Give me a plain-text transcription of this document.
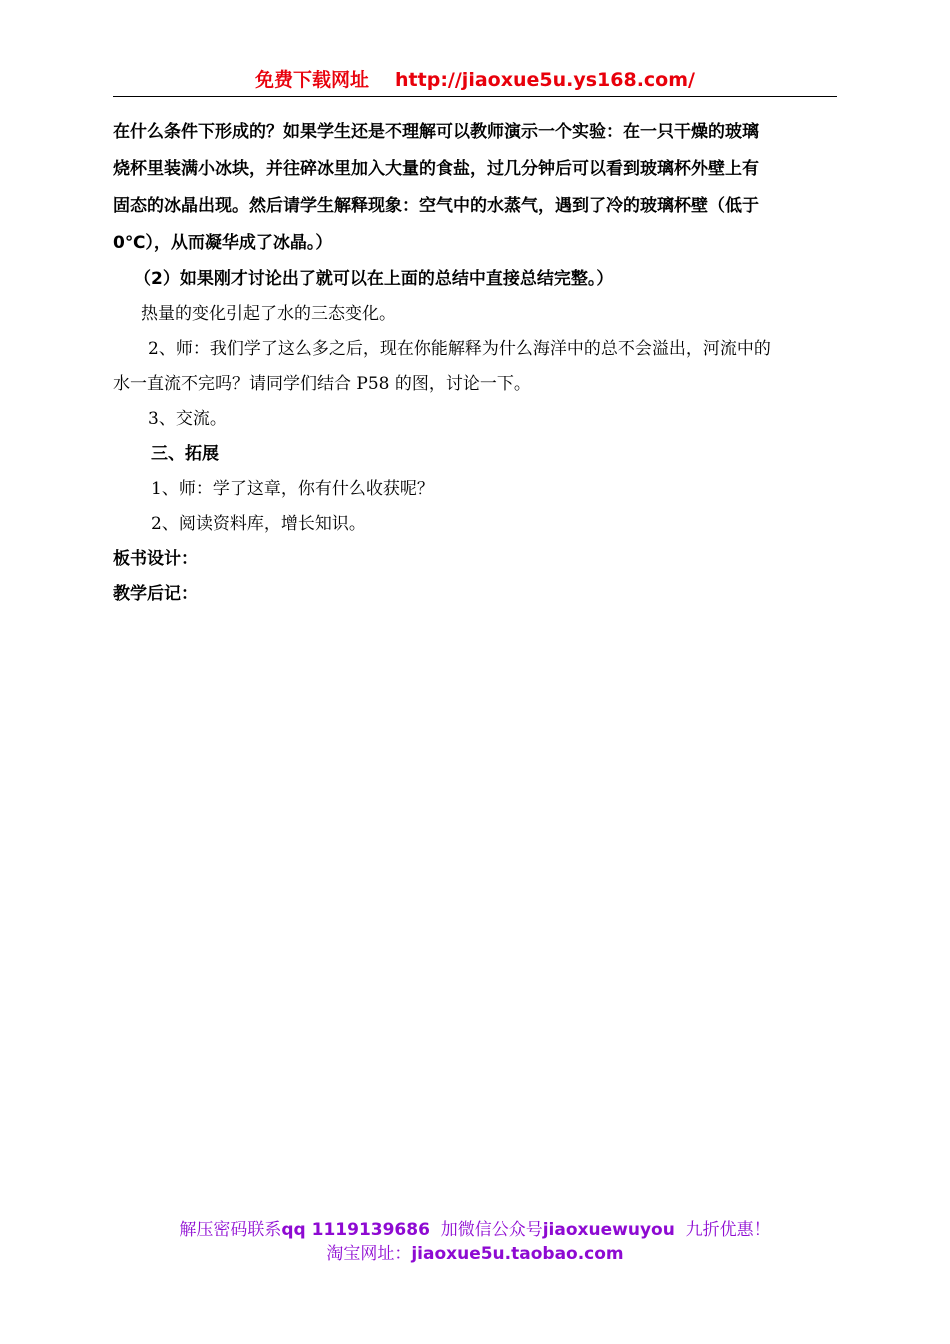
免费下载网址 http://jiaoxue5u.ys168.com/
在什么条件下形成的？如果学生还是不理解可以教师演示一个实验：在一只干燥的玻璃
烧杯里装满小冰块，并往碎冰里加入大量的食盐，过几分钟后可以看到玻璃杯外壁上有
固态的冰晶出现。然后请学生解释现象：空气中的水蒸气，遇到了冷的玻璃杯壁（低于
0℃），从而凝华成了冰晶。）
（2）如果刚才讨论出了就可以在上面的总结中直接总结完整。）
热量的变化引起了水的三态变化。
2、师：我们学了这么多之后，现在你能解释为什么海洋中的总不会溢出，河流中的
水一直流不完吗？请同学们结合 P58 的图，讨论一下。
3、交流。
三、拓展
1、师：学了这章，你有什么收获呢？
2、阅读资料库，增长知识。
板书设计：
教学后记：
解压密码联系qq 1119139686 加微信公众号jiaoxuewuyou 九折优惠！
淘宝网址：jiaoxue5u.taobao.com
